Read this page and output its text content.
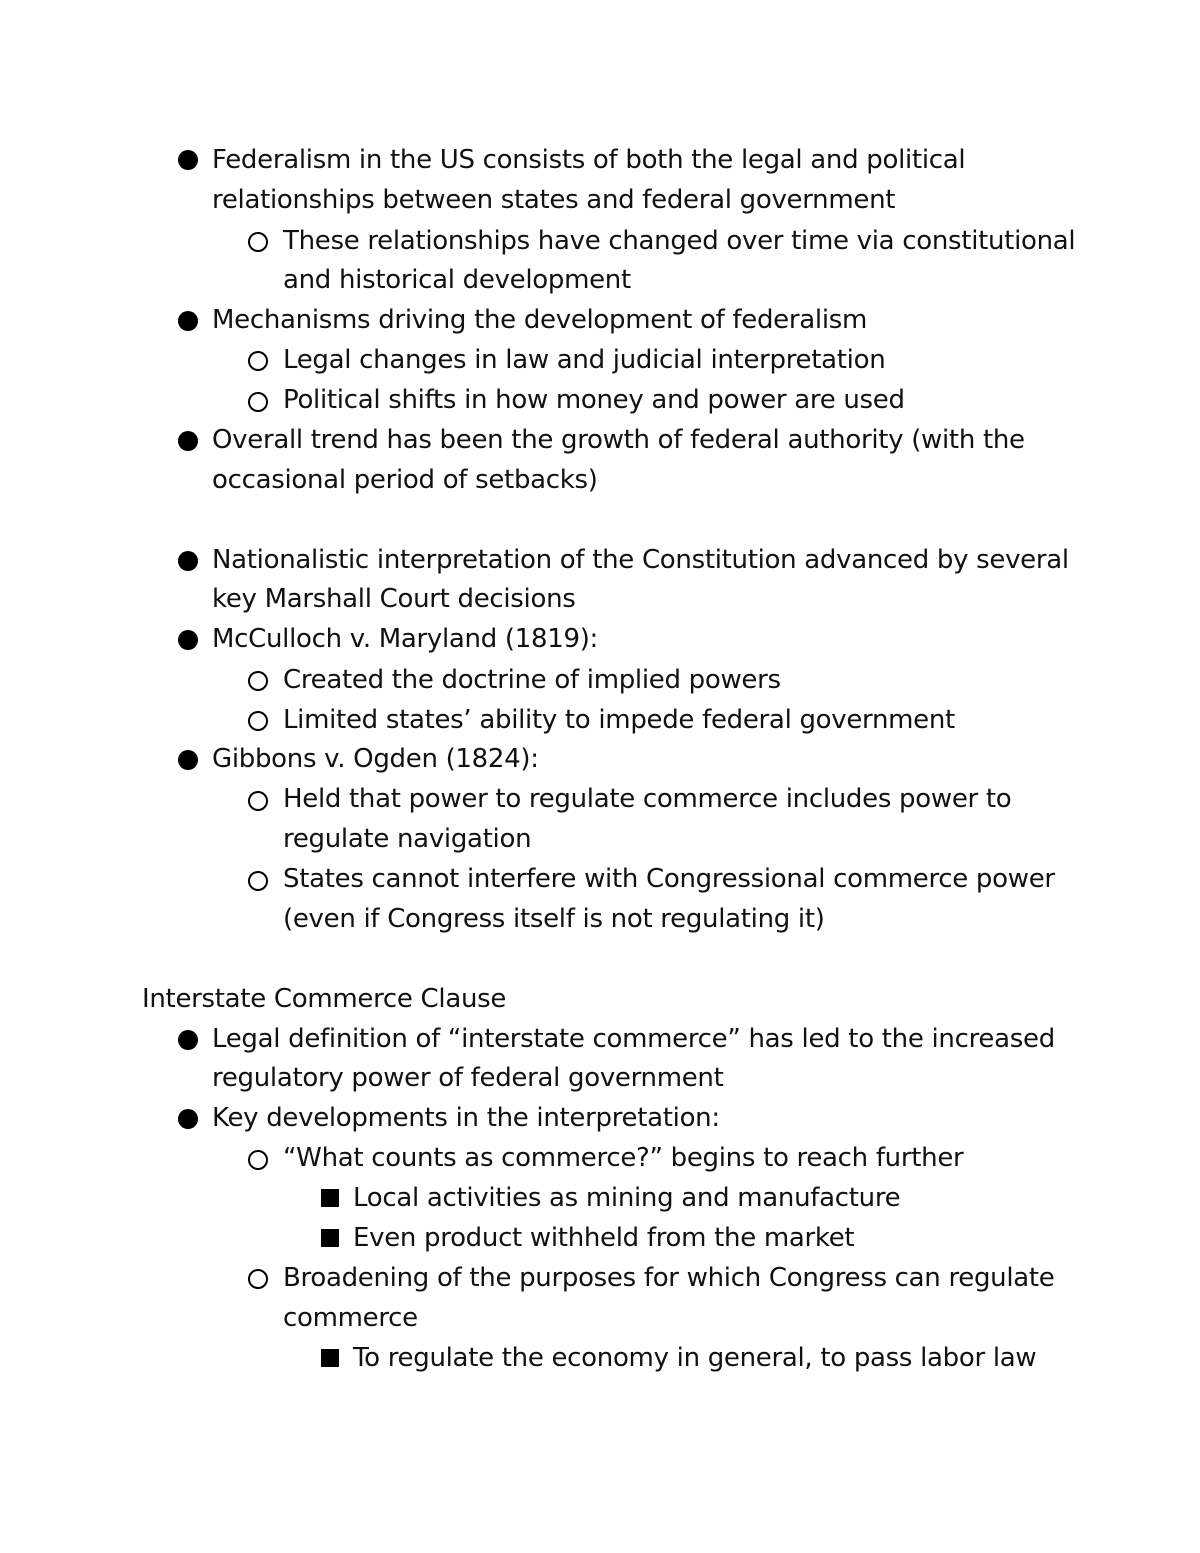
Federalism in the US consists of both the legal and political
relationships between states and federal government
These relationships have changed over time via constitutional
and historical development
Mechanisms driving the development of federalism
Legal changes in law and judicial interpretation
Political shifts in how money and power are used
Overall trend has been the growth of federal authority (with the
occasional period of setbacks)
Nationalistic interpretation of the Constitution advanced by several
key Marshall Court decisions
McCulloch v. Maryland (1819):
Created the doctrine of implied powers
Limited states’ ability to impede federal government
Gibbons v. Ogden (1824):
Held that power to regulate commerce includes power to
regulate navigation
States cannot interfere with Congressional commerce power
(even if Congress itself is not regulating it)
Interstate Commerce Clause
Legal definition of “interstate commerce” has led to the increased
regulatory power of federal government
Key developments in the interpretation:
“What counts as commerce?” begins to reach further
Local activities as mining and manufacture
Even product withheld from the market
Broadening of the purposes for which Congress can regulate
commerce
To regulate the economy in general, to pass labor law
